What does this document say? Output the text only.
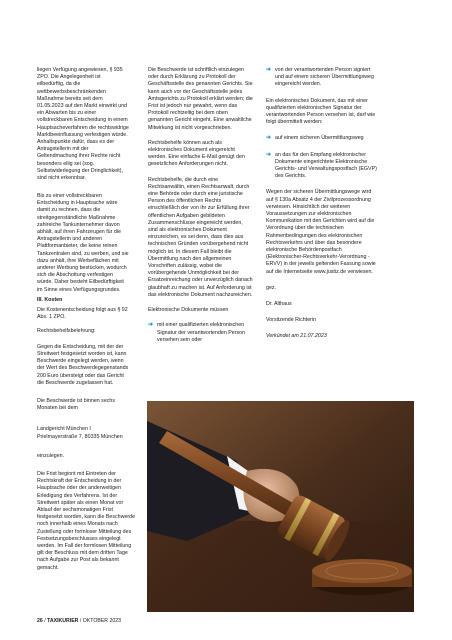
liegen Verfügung angewiesen, § 935 ZPO. Die Angelegenheit ist eilbedürftig, da die wettbewerbsbeschränkenden Maßnahme bereits seit dem 01.05.2023 auf den Markt einwirkt und ein Abwarten bis zu einer vollstreckbaren Entscheidung in einem Hauptsacheverfahren die rechtswidrige Marktbeeinflussung verfestigen würde. Anhaltspunkte dafür, dass es der Antragstellerin mit der Geltendmachung ihrer Rechte nicht besonders eilig sei (sog. Selbstwiderlegung der Dringlichkeit), sind nicht erkennbar.

Bis zu einer vollstreckbaren Entscheidung in Hauptsache wäre damit zu rechnen, dass die streitgegenständliche Maßnahme zahlreiche Tankunternehmer davon abhält, auf ihren Fahrzeugen für die Antragstellerin und anderen Plattformanbieter, die keine reinen Tankzentralen sind, zu werben, und sie dazu anhält, ihre Werbeflächen mit anderer Werbung bestücken, wodurch sich die Abschottung verfestigen würde. Daher besteht Eilbedürftigkeit im Sinne eines Verfügungsgrundes.

III. Kosten

Die Kostenentscheidung folgt aus § 92 Abs. 1 ZPO.

Rechtsbehelfsbelehrung:

Gegen die Entscheidung, mit der der Streitwert festgesetzt worden ist, kann Beschwerde eingelegt werden, wenn der Wert des Beschwerdegegenstands 200 Euro übersteigt oder das Gericht die Beschwerde zugelassen hat.

Die Beschwerde ist binnen sechs Monaten bei dem

Landgericht München I
Prielmayerstraße 7, 80335 München

einzulegen.

Die Frist beginnt mit Eintreten der Rechtskraft der Entscheidung in der Hauptsache oder der anderweitigen Erledigung des Verfahrens. Ist der Streitwert später als einen Monat vor Ablauf der sechsmonatigen Frist festgesetzt worden, kann die Beschwerde noch innerhalb eines Monats nach Zustellung oder formloser Mitteilung des Festsetzungsbeschlusses eingelegt werden. Im Fall der formlosen Mitteilung gilt der Beschluss mit dem dritten Tage nach Aufgabe zur Post als bekannt gemacht.

Die Beschwerde ist schriftlich einzulegen oder durch Erklärung zu Protokoll der Geschäftsstelle des genannten Gerichts. Sie kann auch vor der Geschäftsstelle jedes Amtsgerichts zu Protokoll erklärt werden; die Frist ist jedoch nur gewahrt, wenn das Protokoll rechtzeitig bei dem oben genannten Gericht eingeht. Eine anwaltliche Mitwirkung ist nicht vorgeschrieben.

Rechtsbehelfe können auch als elektronisches Dokument eingereicht werden. Eine einfache E-Mail genügt den gesetzlichen Anforderungen nicht.

Rechtsbehelfe, die durch eine Rechtsanwältin, einen Rechtsanwalt, durch eine Behörde oder durch eine juristische Person des öffentlichen Rechts einschließlich der von ihr zur Erfüllung ihrer öffentlichen Aufgaben gebildeten Zusammenschlüsse eingereicht werden, sind als elektronisches Dokument einzureichen, es sei denn, dass dies aus technischen Gründen vorübergehend nicht möglich ist. In diesem Fall bleibt die Übermittlung nach den allgemeinen Vorschriften zulässig, wobei die vorübergehende Unmöglichkeit bei der Ersatzeinreichung oder unverzüglich danach glaubhaft zu machen ist. Auf Anforderung ist das elektronische Dokument nachzureichen.

Elektronische Dokumente müssen

➔ mit einer qualifizierten elektronischen Signatur der verantwortenden Person versehen sein oder

➔ von der verantwortenden Person signiert und auf einem sicheren Übermittlungsweg eingereicht werden.

Ein elektronisches Dokument, das mit einer qualifizierten elektronischen Signatur der verantwortenden Person versehen ist, darf wie folgt übermittelt werden:

➔ auf einem sicheren Übermittlungsweg

➔ an das für den Empfang elektronischer Dokumente eingerichtete Elektronische Gerichts- und Verwaltungspostfach (EGVP) des Gerichts.

Wegen der sicheren Übermittlungswege wird auf § 130a Absatz 4 der Zivilprozessordnung verwiesen. Hinsichtlich der weiteren Voraussetzungen zur elektronischen Kommunikation mit den Gerichten wird auf die Verordnung über die technischen Rahmenbedingungen des elektronischen Rechtsverkehrs und über das besondere elektronische Behördenpostfach (Elektronischer-Rechtsverkehr-Verordnung - ERVV) in der jeweils geltenden Fassung sowie auf die Internetseite www.justiz.de verwiesen.

gez.

Dr. Althaus

Vorsitzende Richterin

Verkündet am 21.07.2023

26 / TAXIKURIER / OKTOBER 2023
